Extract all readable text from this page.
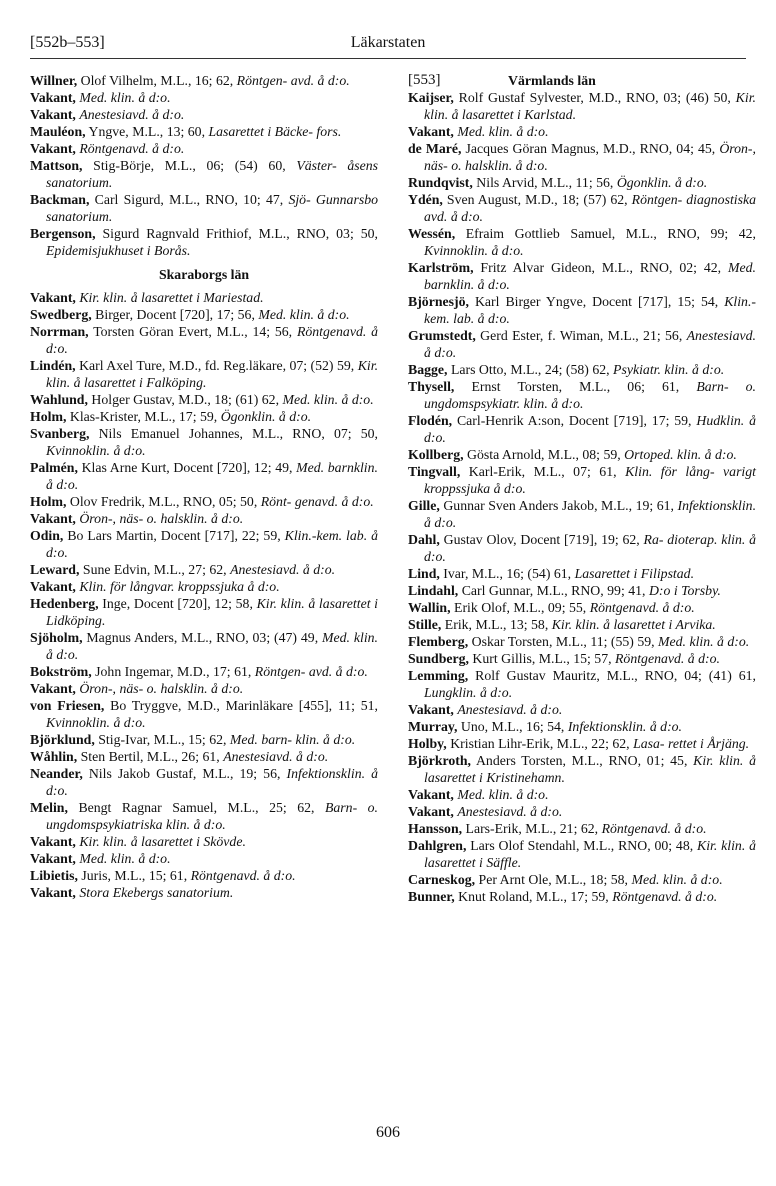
[552b–553]	Läkarstaten

Willner, Olof Vilhelm, M.L., 16; 62, Röntgen- avd. å d:o.

Vakant, Med. klin. å d:o.

Vakant, Anestesiavd. å d:o.

Mauléon, Yngve, M.L., 13; 60, Lasarettet i Bäcke- fors.

Vakant, Röntgenavd. å d:o.

Mattson, Stig-Börje, M.L., 06; (54) 60, Väster- åsens sanatorium.

Backman, Carl Sigurd, M.L., RNO, 10; 47, Sjö- Gunnarsbo sanatorium.

Bergenson, Sigurd Ragnvald Frithiof, M.L., RNO, 03; 50, Epidemisjukhuset i Borås.

Skaraborgs län

Vakant, Kir. klin. å lasarettet i Mariestad.

Swedberg, Birger, Docent [720], 17; 56, Med. klin. å d:o.

Norrman, Torsten Göran Evert, M.L., 14; 56, Röntgenavd. å d:o.

Lindén, Karl Axel Ture, M.D., fd. Reg.läkare, 07; (52) 59, Kir. klin. å lasarettet i Falköping.

Wahlund, Holger Gustav, M.D., 18; (61) 62, Med. klin. å d:o.

Holm, Klas-Krister, M.L., 17; 59, Ögonklin. å d:o.

Svanberg, Nils Emanuel Johannes, M.L., RNO, 07; 50, Kvinnoklin. å d:o.

Palmén, Klas Arne Kurt, Docent [720], 12; 49, Med. barnklin. å d:o.

Holm, Olov Fredrik, M.L., RNO, 05; 50, Rönt- genavd. å d:o.

Vakant, Öron-, näs- o. halsklin. å d:o.

Odin, Bo Lars Martin, Docent [717], 22; 59, Klin.-kem. lab. å d:o.

Leward, Sune Edvin, M.L., 27; 62, Anestesiavd. å d:o.

Vakant, Klin. för långvar. kroppssjuka å d:o.

Hedenberg, Inge, Docent [720], 12; 58, Kir. klin. å lasarettet i Lidköping.

Sjöholm, Magnus Anders, M.L., RNO, 03; (47) 49, Med. klin. å d:o.

Bokström, John Ingemar, M.D., 17; 61, Röntgen- avd. å d:o.

Vakant, Öron-, näs- o. halsklin. å d:o.

von Friesen, Bo Tryggve, M.D., Marinläkare [455], 11; 51, Kvinnoklin. å d:o.

Björklund, Stig-Ivar, M.L., 15; 62, Med. barn- klin. å d:o.

Wåhlin, Sten Bertil, M.L., 26; 61, Anestesiavd. å d:o.

Neander, Nils Jakob Gustaf, M.L., 19; 56, Infektionsklin. å d:o.

Melin, Bengt Ragnar Samuel, M.L., 25; 62, Barn- o. ungdomspsykiatriska klin. å d:o.

Vakant, Kir. klin. å lasarettet i Skövde.

Vakant, Med. klin. å d:o.

Libietis, Juris, M.L., 15; 61, Röntgenavd. å d:o.

Vakant, Stora Ekebergs sanatorium.

[553]	Värmlands län

Kaijser, Rolf Gustaf Sylvester, M.D., RNO, 03; (46) 50, Kir. klin. å lasarettet i Karlstad.

Vakant, Med. klin. å d:o.

de Maré, Jacques Göran Magnus, M.D., RNO, 04; 45, Öron-, näs- o. halsklin. å d:o.

Rundqvist, Nils Arvid, M.L., 11; 56, Ögonklin. å d:o.

Ydén, Sven August, M.D., 18; (57) 62, Röntgen- diagnostiska avd. å d:o.

Wessén, Efraim Gottlieb Samuel, M.L., RNO, 99; 42, Kvinnoklin. å d:o.

Karlström, Fritz Alvar Gideon, M.L., RNO, 02; 42, Med. barnklin. å d:o.

Björnesjö, Karl Birger Yngve, Docent [717], 15; 54, Klin.-kem. lab. å d:o.

Grumstedt, Gerd Ester, f. Wiman, M.L., 21; 56, Anestesiavd. å d:o.

Bagge, Lars Otto, M.L., 24; (58) 62, Psykiatr. klin. å d:o.

Thysell, Ernst Torsten, M.L., 06; 61, Barn- o. ungdomspsykiatr. klin. å d:o.

Flodén, Carl-Henrik A:son, Docent [719], 17; 59, Hudklin. å d:o.

Kollberg, Gösta Arnold, M.L., 08; 59, Ortoped. klin. å d:o.

Tingvall, Karl-Erik, M.L., 07; 61, Klin. för lång- varigt kroppssjuka å d:o.

Gille, Gunnar Sven Anders Jakob, M.L., 19; 61, Infektionsklin. å d:o.

Dahl, Gustav Olov, Docent [719], 19; 62, Ra- dioterap. klin. å d:o.

Lind, Ivar, M.L., 16; (54) 61, Lasarettet i Filipstad.

Lindahl, Carl Gunnar, M.L., RNO, 99; 41, D:o i Torsby.

Wallin, Erik Olof, M.L., 09; 55, Röntgenavd. å d:o.

Stille, Erik, M.L., 13; 58, Kir. klin. å lasarettet i Arvika.

Flemberg, Oskar Torsten, M.L., 11; (55) 59, Med. klin. å d:o.

Sundberg, Kurt Gillis, M.L., 15; 57, Röntgenavd. å d:o.

Lemming, Rolf Gustav Mauritz, M.L., RNO, 04; (41) 61, Lungklin. å d:o.

Vakant, Anestesiavd. å d:o.

Murray, Uno, M.L., 16; 54, Infektionsklin. å d:o.

Holby, Kristian Lihr-Erik, M.L., 22; 62, Lasa- rettet i Årjäng.

Björkroth, Anders Torsten, M.L., RNO, 01; 45, Kir. klin. å lasarettet i Kristinehamn.

Vakant, Med. klin. å d:o.

Vakant, Anestesiavd. å d:o.

Hansson, Lars-Erik, M.L., 21; 62, Röntgenavd. å d:o.

Dahlgren, Lars Olof Stendahl, M.L., RNO, 00; 48, Kir. klin. å lasarettet i Säffle.

Carneskog, Per Arnt Ole, M.L., 18; 58, Med. klin. å d:o.

Bunner, Knut Roland, M.L., 17; 59, Röntgenavd. å d:o.

606
